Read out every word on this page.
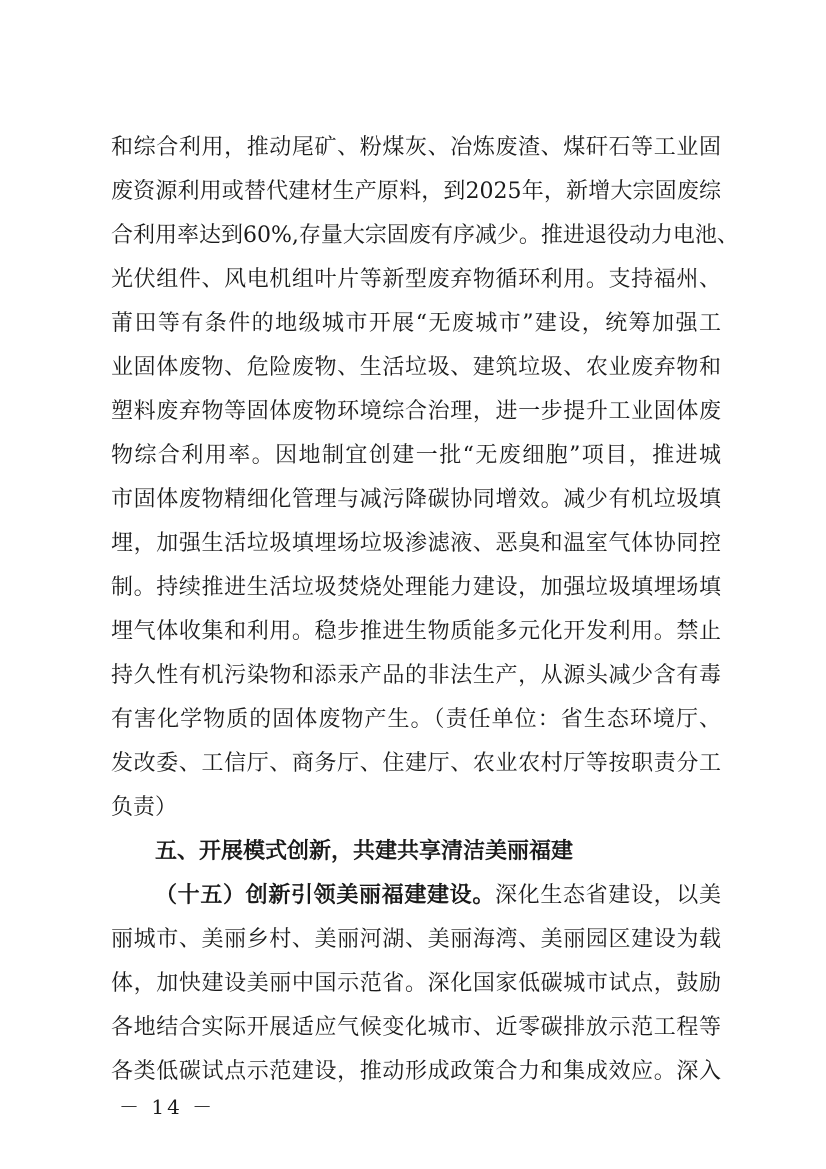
和综合利用，推动尾矿、粉煤灰、冶炼废渣、煤矸石等工业固
废资源利用或替代建材生产原料，到2025年，新增大宗固废综
合利用率达到60%,存量大宗固废有序减少。推进退役动力电池、
光伏组件、风电机组叶片等新型废弃物循环利用。支持福州、
莆田等有条件的地级城市开展“无废城市”建设，统筹加强工
业固体废物、危险废物、生活垃圾、建筑垃圾、农业废弃物和
塑料废弃物等固体废物环境综合治理，进一步提升工业固体废
物综合利用率。因地制宜创建一批“无废细胞”项目，推进城
市固体废物精细化管理与减污降碳协同增效。减少有机垃圾填
埋，加强生活垃圾填埋场垃圾渗滤液、恶臭和温室气体协同控
制。持续推进生活垃圾焚烧处理能力建设，加强垃圾填埋场填
埋气体收集和利用。稳步推进生物质能多元化开发利用。禁止
持久性有机污染物和添汞产品的非法生产，从源头减少含有毒
有害化学物质的固体废物产生。（责任单位：省生态环境厅、
发改委、工信厅、商务厅、住建厅、农业农村厅等按职责分工
负责）
五、开展模式创新，共建共享清洁美丽福建
（十五）创新引领美丽福建建设。深化生态省建设，以美
丽城市、美丽乡村、美丽河湖、美丽海湾、美丽园区建设为载
体，加快建设美丽中国示范省。深化国家低碳城市试点，鼓励
各地结合实际开展适应气候变化城市、近零碳排放示范工程等
各类低碳试点示范建设，推动形成政策合力和集成效应。深入
－ 14 －
